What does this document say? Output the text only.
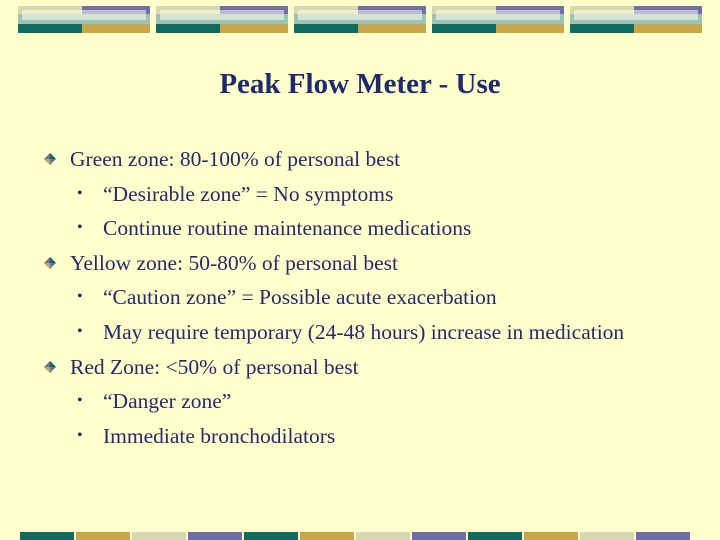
Peak Flow Meter - Use
Green zone: 80-100% of personal best
• “Desirable zone” = No symptoms
• Continue routine maintenance medications
Yellow zone: 50-80% of personal best
• “Caution zone” = Possible acute exacerbation
• May require temporary (24-48 hours) increase in medication
Red Zone: <50% of personal best
• “Danger zone”
• Immediate bronchodilators
